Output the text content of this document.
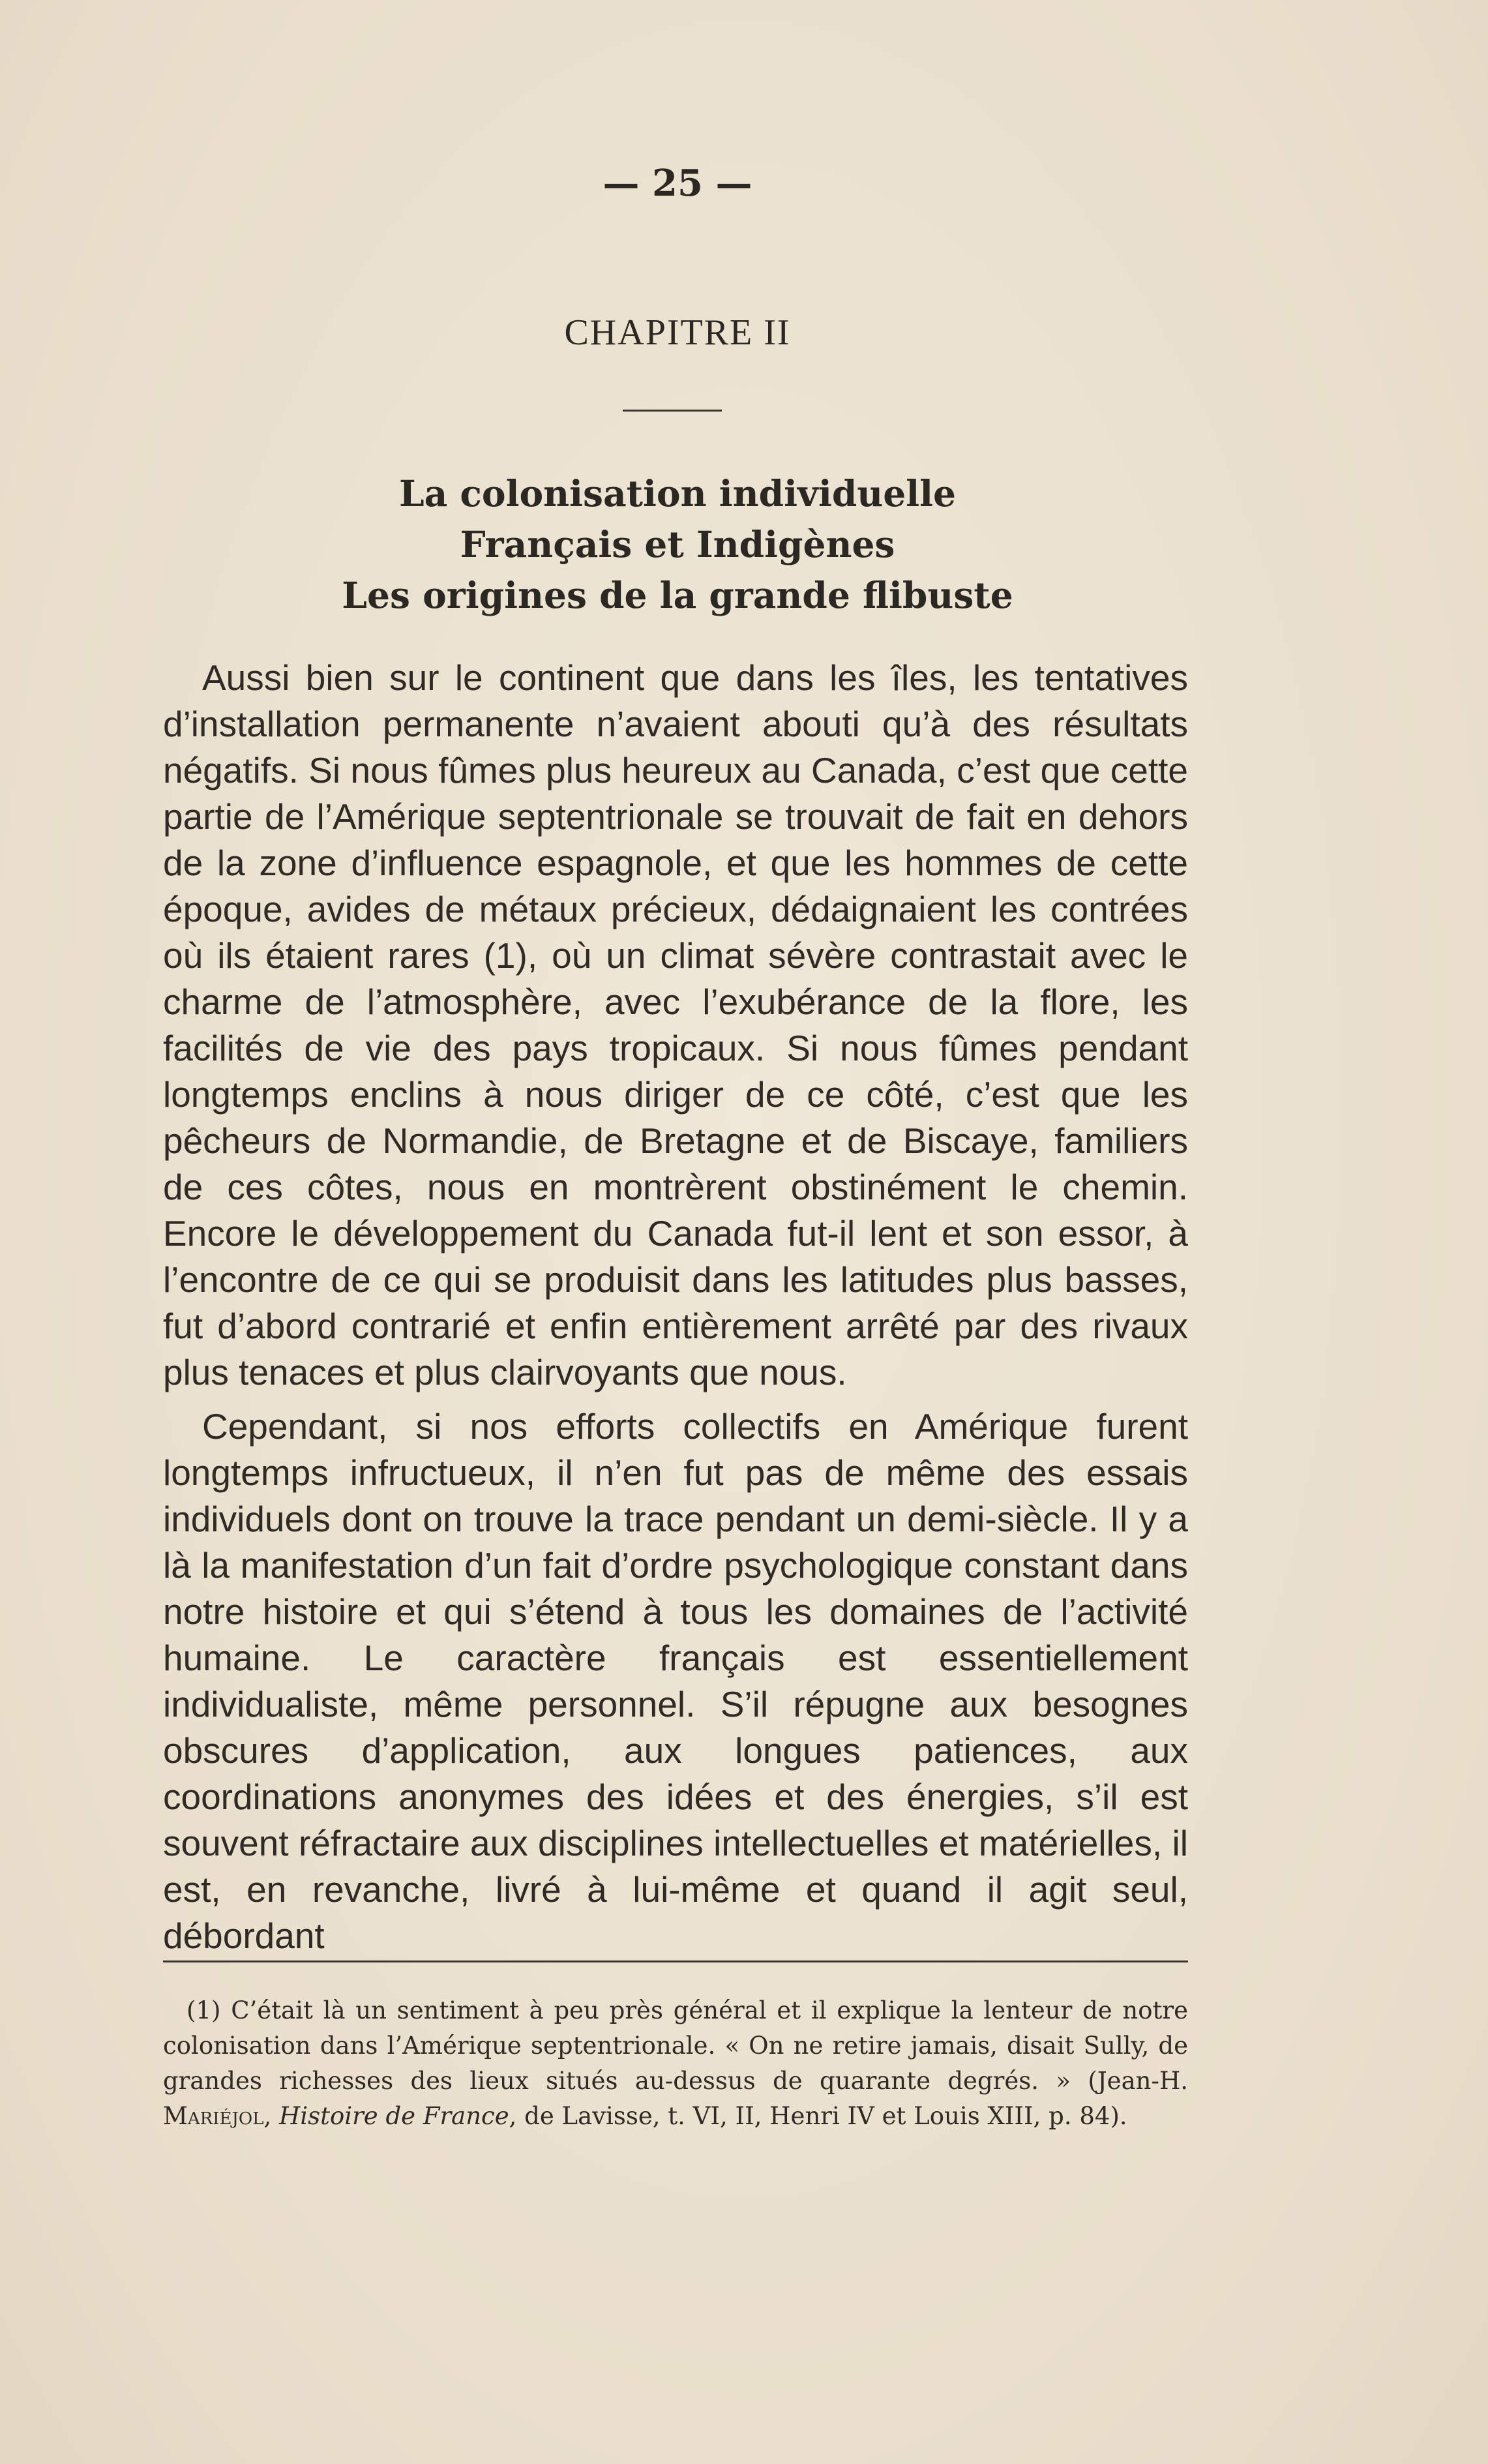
— 25 —
CHAPITRE II
La colonisation individuelle
Français et Indigènes
Les origines de la grande flibuste

Aussi bien sur le continent que dans les îles, les tentatives d’installation permanente n’avaient abouti qu’à des résultats négatifs. Si nous fûmes plus heureux au Canada, c’est que cette partie de l’Amérique septentrionale se trouvait de fait en dehors de la zone d’influence espagnole, et que les hommes de cette époque, avides de métaux précieux, dédaignaient les contrées où ils étaient rares (1), où un climat sévère contrastait avec le charme de l’atmosphère, avec l’exubérance de la flore, les facilités de vie des pays tropicaux. Si nous fûmes pendant longtemps enclins à nous diriger de ce côté, c’est que les pêcheurs de Normandie, de Bretagne et de Biscaye, familiers de ces côtes, nous en montrèrent obstinément le chemin. Encore le développement du Canada fut-il lent et son essor, à l’encontre de ce qui se produisit dans les latitudes plus basses, fut d’abord contrarié et enfin entièrement arrêté par des rivaux plus tenaces et plus clairvoyants que nous.

Cependant, si nos efforts collectifs en Amérique furent longtemps infructueux, il n’en fut pas de même des essais individuels dont on trouve la trace pendant un demi-siècle. Il y a là la manifestation d’un fait d’ordre psychologique constant dans notre histoire et qui s’étend à tous les domaines de l’activité humaine. Le caractère français est essentiellement individualiste, même personnel. S’il répugne aux besognes obscures d’application, aux longues patiences, aux coordinations anonymes des idées et des énergies, s’il est souvent réfractaire aux disciplines intellectuelles et matérielles, il est, en revanche, livré à lui-même et quand il agit seul, débordant

(1) C’était là un sentiment à peu près général et il explique la lenteur de notre colonisation dans l’Amérique septentrionale. « On ne retire jamais, disait Sully, de grandes richesses des lieux situés au-dessus de quarante degrés. » (Jean-H. Mariéjol, Histoire de France, de Lavisse, t. VI, II, Henri IV et Louis XIII, p. 84).
